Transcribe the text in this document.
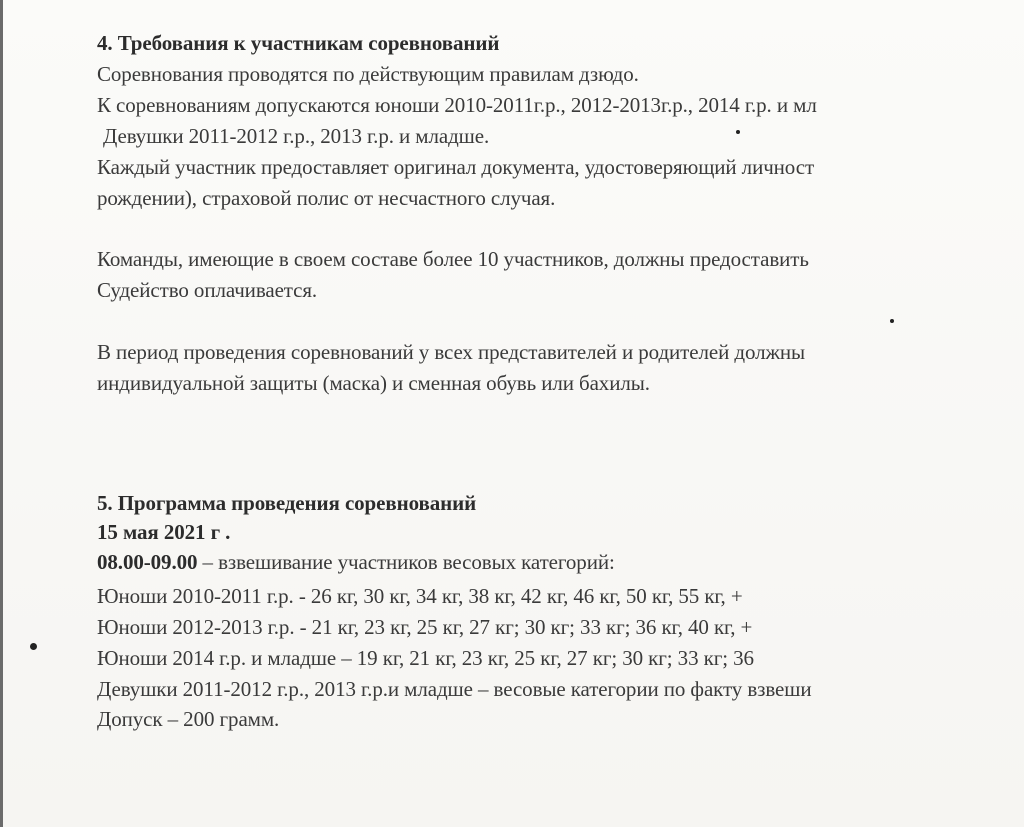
4. Требования к участникам соревнований
Соревнования проводятся по действующим правилам дзюдо.
К соревнованиям допускаются юноши 2010-2011г.р., 2012-2013г.р., 2014 г.р. и мл
Девушки 2011-2012 г.р., 2013 г.р. и младше.
Каждый участник предоставляет оригинал документа, удостоверяющий личност
рождении), страховой полис от несчастного случая.
Команды, имеющие в своем составе более 10 участников, должны предоставить
Судейство оплачивается.
В период проведения соревнований у всех представителей и родителей должны
индивидуальной защиты (маска) и сменная обувь или бахилы.
5. Программа проведения соревнований
15 мая 2021 г .
08.00-09.00 – взвешивание участников весовых категорий:
Юноши 2010-2011 г.р. - 26 кг, 30 кг, 34 кг, 38 кг, 42 кг, 46 кг, 50 кг, 55 кг, +
Юноши 2012-2013 г.р. - 21 кг, 23 кг, 25 кг, 27 кг; 30 кг; 33 кг; 36 кг, 40 кг, +
Юноши 2014 г.р. и младше – 19 кг, 21 кг, 23 кг, 25 кг, 27 кг; 30 кг; 33 кг; 36
Девушки 2011-2012 г.р., 2013 г.р.и младше – весовые категории по факту взвеши
Допуск – 200 грамм.
